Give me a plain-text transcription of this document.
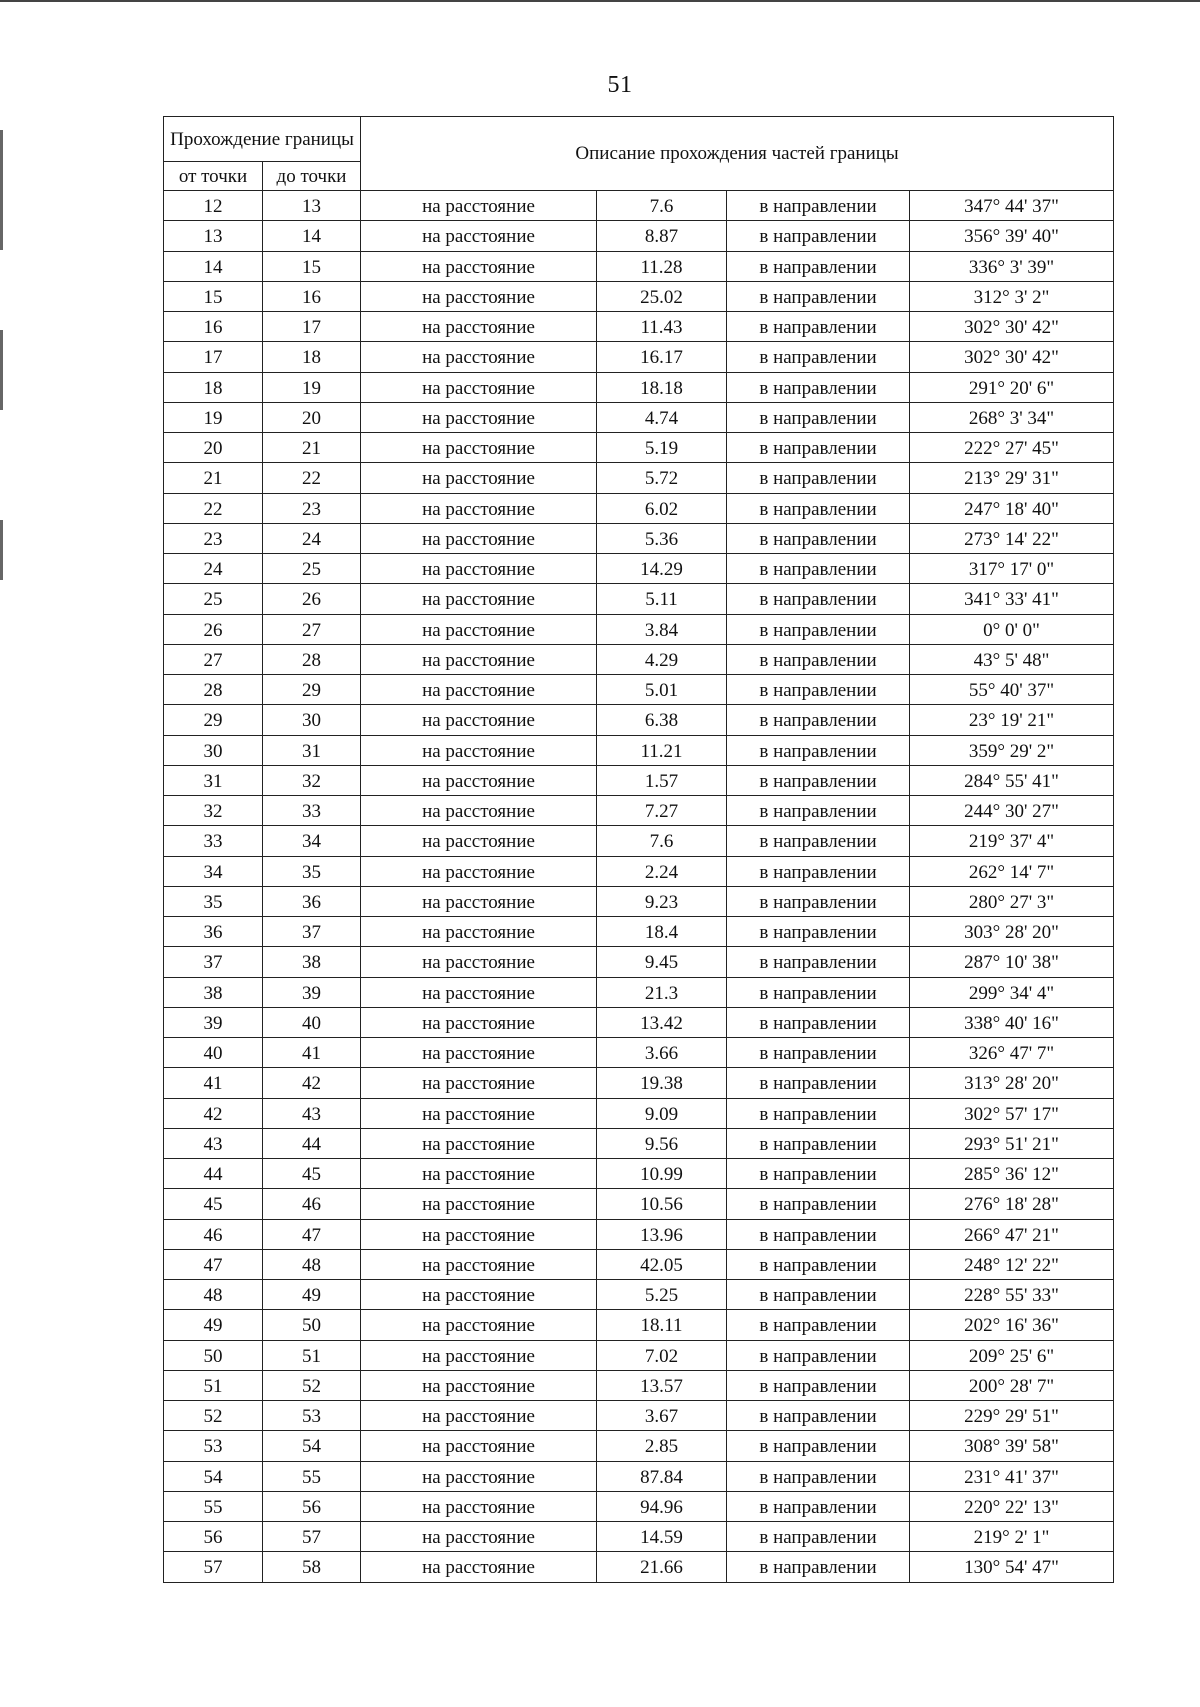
51
Прохождение границы		Описание прохождения частей границы			
от точки	до точки				
12	13	на расстояние	7.6	в направлении	347° 44' 37"
13	14	на расстояние	8.87	в направлении	356° 39' 40"
14	15	на расстояние	11.28	в направлении	336° 3' 39"
15	16	на расстояние	25.02	в направлении	312° 3' 2"
16	17	на расстояние	11.43	в направлении	302° 30' 42"
17	18	на расстояние	16.17	в направлении	302° 30' 42"
18	19	на расстояние	18.18	в направлении	291° 20' 6"
19	20	на расстояние	4.74	в направлении	268° 3' 34"
20	21	на расстояние	5.19	в направлении	222° 27' 45"
21	22	на расстояние	5.72	в направлении	213° 29' 31"
22	23	на расстояние	6.02	в направлении	247° 18' 40"
23	24	на расстояние	5.36	в направлении	273° 14' 22"
24	25	на расстояние	14.29	в направлении	317° 17' 0"
25	26	на расстояние	5.11	в направлении	341° 33' 41"
26	27	на расстояние	3.84	в направлении	0° 0' 0"
27	28	на расстояние	4.29	в направлении	43° 5' 48"
28	29	на расстояние	5.01	в направлении	55° 40' 37"
29	30	на расстояние	6.38	в направлении	23° 19' 21"
30	31	на расстояние	11.21	в направлении	359° 29' 2"
31	32	на расстояние	1.57	в направлении	284° 55' 41"
32	33	на расстояние	7.27	в направлении	244° 30' 27"
33	34	на расстояние	7.6	в направлении	219° 37' 4"
34	35	на расстояние	2.24	в направлении	262° 14' 7"
35	36	на расстояние	9.23	в направлении	280° 27' 3"
36	37	на расстояние	18.4	в направлении	303° 28' 20"
37	38	на расстояние	9.45	в направлении	287° 10' 38"
38	39	на расстояние	21.3	в направлении	299° 34' 4"
39	40	на расстояние	13.42	в направлении	338° 40' 16"
40	41	на расстояние	3.66	в направлении	326° 47' 7"
41	42	на расстояние	19.38	в направлении	313° 28' 20"
42	43	на расстояние	9.09	в направлении	302° 57' 17"
43	44	на расстояние	9.56	в направлении	293° 51' 21"
44	45	на расстояние	10.99	в направлении	285° 36' 12"
45	46	на расстояние	10.56	в направлении	276° 18' 28"
46	47	на расстояние	13.96	в направлении	266° 47' 21"
47	48	на расстояние	42.05	в направлении	248° 12' 22"
48	49	на расстояние	5.25	в направлении	228° 55' 33"
49	50	на расстояние	18.11	в направлении	202° 16' 36"
50	51	на расстояние	7.02	в направлении	209° 25' 6"
51	52	на расстояние	13.57	в направлении	200° 28' 7"
52	53	на расстояние	3.67	в направлении	229° 29' 51"
53	54	на расстояние	2.85	в направлении	308° 39' 58"
54	55	на расстояние	87.84	в направлении	231° 41' 37"
55	56	на расстояние	94.96	в направлении	220° 22' 13"
56	57	на расстояние	14.59	в направлении	219° 2' 1"
57	58	на расстояние	21.66	в направлении	130° 54' 47"
